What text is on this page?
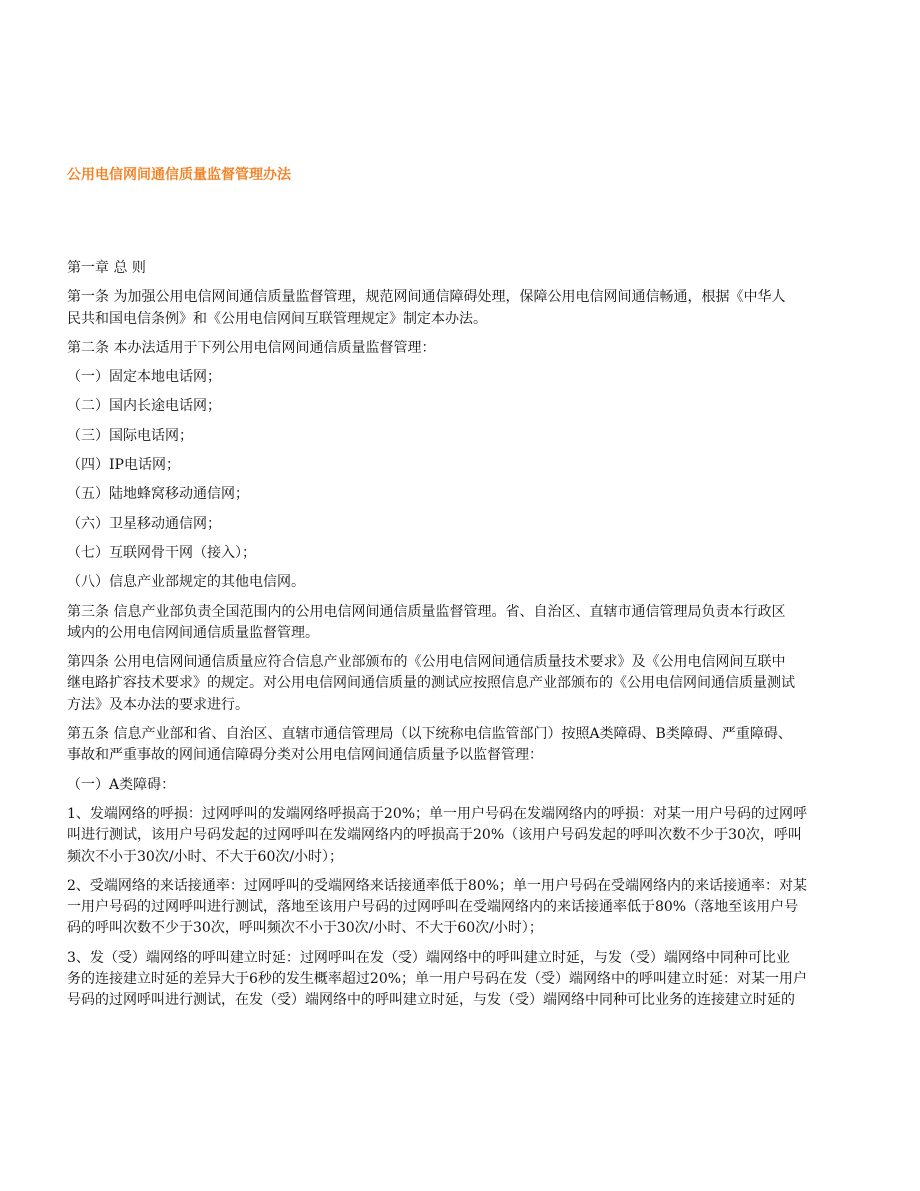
公用电信网间通信质量监督管理办法

第一章 总 则

第一条 为加强公用电信网间通信质量监督管理，规范网间通信障碍处理，保障公用电信网间通信畅通，根据《中华人
民共和国电信条例》和《公用电信网间互联管理规定》制定本办法。

第二条 本办法适用于下列公用电信网间通信质量监督管理：

（一）固定本地电话网；

（二）国内长途电话网；

（三）国际电话网；

（四）IP电话网；

（五）陆地蜂窝移动通信网；

（六）卫星移动通信网；

（七）互联网骨干网（接入）；

（八）信息产业部规定的其他电信网。

第三条 信息产业部负责全国范围内的公用电信网间通信质量监督管理。省、自治区、直辖市通信管理局负责本行政区
域内的公用电信网间通信质量监督管理。

第四条 公用电信网间通信质量应符合信息产业部颁布的《公用电信网间通信质量技术要求》及《公用电信网间互联中
继电路扩容技术要求》的规定。对公用电信网间通信质量的测试应按照信息产业部颁布的《公用电信网间通信质量测试
方法》及本办法的要求进行。

第五条 信息产业部和省、自治区、直辖市通信管理局（以下统称电信监管部门）按照A类障碍、B类障碍、严重障碍、
事故和严重事故的网间通信障碍分类对公用电信网间通信质量予以监督管理：

（一）A类障碍：

1、发端网络的呼损：过网呼叫的发端网络呼损高于20%；单一用户号码在发端网络内的呼损：对某一用户号码的过网呼
叫进行测试，该用户号码发起的过网呼叫在发端网络内的呼损高于20%（该用户号码发起的呼叫次数不少于30次，呼叫
频次不小于30次/小时、不大于60次/小时）；

2、受端网络的来话接通率：过网呼叫的受端网络来话接通率低于80%；单一用户号码在受端网络内的来话接通率：对某
一用户号码的过网呼叫进行测试，落地至该用户号码的过网呼叫在受端网络内的来话接通率低于80%（落地至该用户号
码的呼叫次数不少于30次，呼叫频次不小于30次/小时、不大于60次/小时）；

3、发（受）端网络的呼叫建立时延：过网呼叫在发（受）端网络中的呼叫建立时延，与发（受）端网络中同种可比业
务的连接建立时延的差异大于6秒的发生概率超过20%；单一用户号码在发（受）端网络中的呼叫建立时延：对某一用户
号码的过网呼叫进行测试，在发（受）端网络中的呼叫建立时延，与发（受）端网络中同种可比业务的连接建立时延的
